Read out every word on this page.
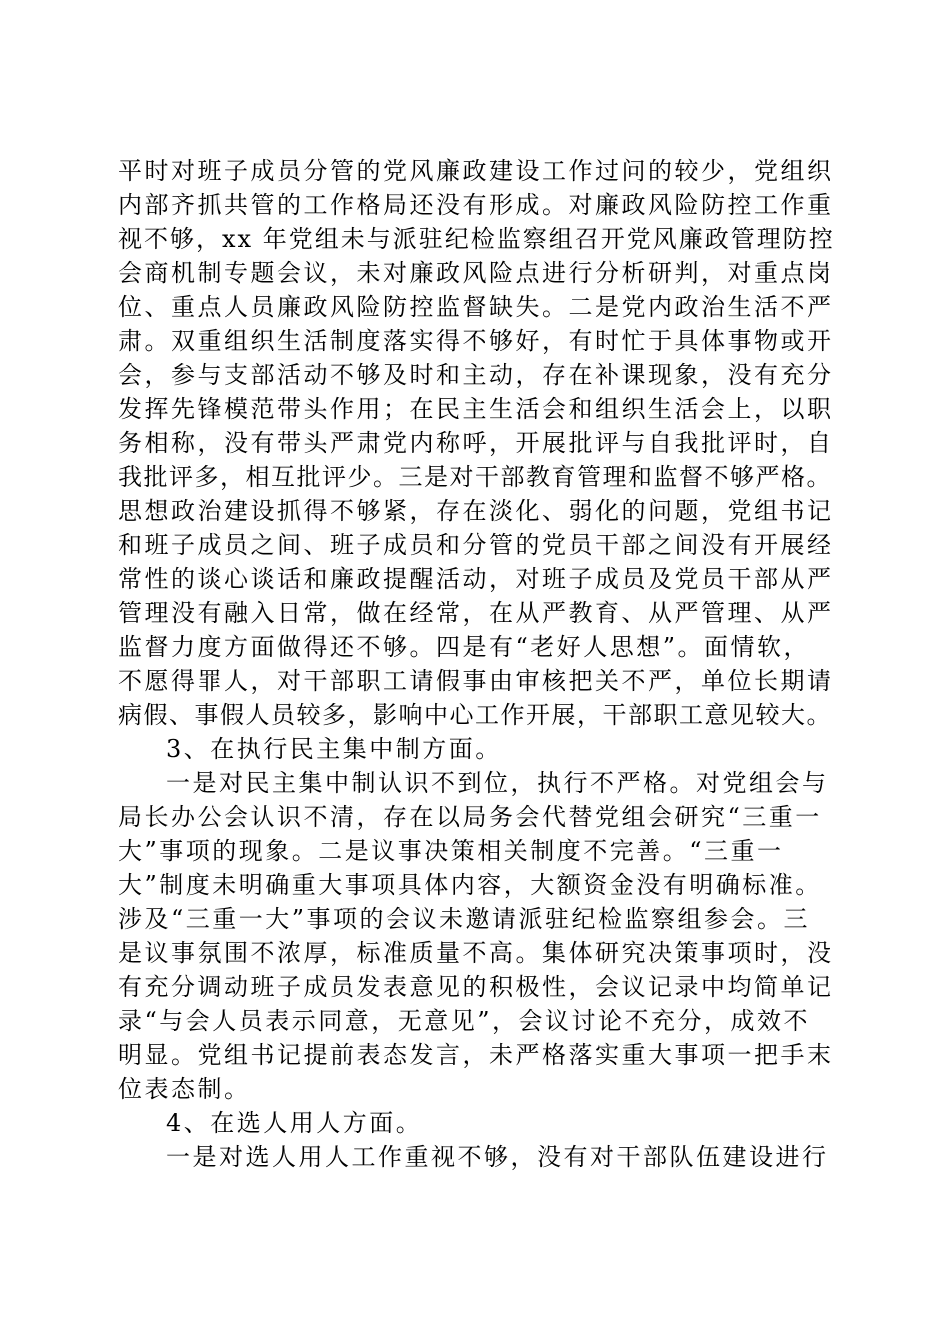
平时对班子成员分管的党风廉政建设工作过问的较少，党组织
内部齐抓共管的工作格局还没有形成。对廉政风险防控工作重
视不够，xx 年党组未与派驻纪检监察组召开党风廉政管理防控
会商机制专题会议，未对廉政风险点进行分析研判，对重点岗
位、重点人员廉政风险防控监督缺失。二是党内政治生活不严
肃。双重组织生活制度落实得不够好，有时忙于具体事物或开
会，参与支部活动不够及时和主动，存在补课现象，没有充分
发挥先锋模范带头作用；在民主生活会和组织生活会上，以职
务相称，没有带头严肃党内称呼，开展批评与自我批评时，自
我批评多，相互批评少。三是对干部教育管理和监督不够严格。
思想政治建设抓得不够紧，存在淡化、弱化的问题，党组书记
和班子成员之间、班子成员和分管的党员干部之间没有开展经
常性的谈心谈话和廉政提醒活动，对班子成员及党员干部从严
管理没有融入日常，做在经常，在从严教育、从严管理、从严
监督力度方面做得还不够。四是有“老好人思想”。面情软，
不愿得罪人，对干部职工请假事由审核把关不严，单位长期请
病假、事假人员较多，影响中心工作开展，干部职工意见较大。
3、在执行民主集中制方面。
一是对民主集中制认识不到位，执行不严格。对党组会与
局长办公会认识不清，存在以局务会代替党组会研究“三重一
大”事项的现象。二是议事决策相关制度不完善。“三重一
大”制度未明确重大事项具体内容，大额资金没有明确标准。
涉及“三重一大”事项的会议未邀请派驻纪检监察组参会。三
是议事氛围不浓厚，标准质量不高。集体研究决策事项时，没
有充分调动班子成员发表意见的积极性，会议记录中均简单记
录“与会人员表示同意，无意见”，会议讨论不充分，成效不
明显。党组书记提前表态发言，未严格落实重大事项一把手末
位表态制。
4、在选人用人方面。
一是对选人用人工作重视不够，没有对干部队伍建设进行
